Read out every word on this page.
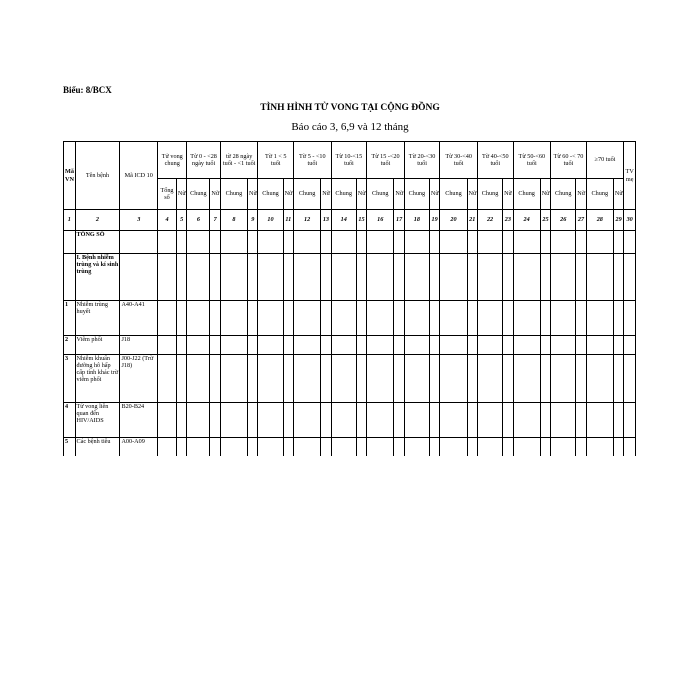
Biểu: 8/BCX
TÌNH HÌNH TỬ VONG TẠI CỘNG ĐỒNG
Báo cáo 3, 6,9 và 12 tháng
Mã VN	Tên bệnh	Mã ICD 10	Tử vong chung		Từ 0 - <28 ngày tuổi		từ 28 ngày tuổi - <1 tuổi		Từ 1 < 5 tuổi		Từ 5 - <10 tuổi		Từ 10-<15 tuổi		Từ 15 -<20 tuổi		Từ 20-<30 tuổi		Từ 30-<40 tuổi		Từ 40-<50 tuổi		Từ 50-<60 tuổi		Từ 60 -< 70 tuổi		≥70 tuổi		TV mẹ
			Tổng số	Nữ	Chung	Nữ	Chung	Nữ	Chung	Nữ	Chung	Nữ	Chung	Nữ	Chung	Nữ	Chung	Nữ	Chung	Nữ	Chung	Nữ	Chung	Nữ	Chung	Nữ	Chung	Nữ	
1	2	3	4	5	6	7	8	9	10	11	12	13	14	15	16	17	18	19	20	21	22	23	24	25	26	27	28	29	30
	TỔNG SỐ																												
	I. Bệnh nhiễm trùng và kí sinh trùng																												
1	Nhiễm trùng huyết	A40-A41																											
2	Viêm phổi	J18																											
3	Nhiễm khuẩn đường hô hấp cấp tính khác trừ viêm phổi	J00-J22 (Trừ J18)																											
4	Tử vong liên quan đến HIV/AIDS	B20-B24																											
5	Các bệnh tiêu	A00-A09																											
